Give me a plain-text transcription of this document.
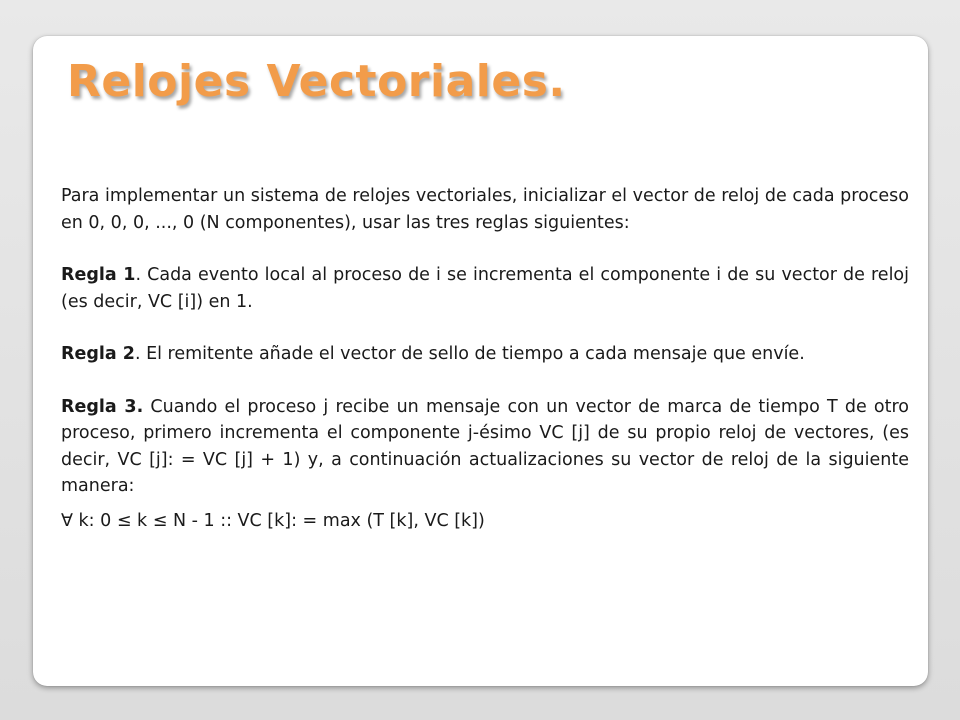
Relojes Vectoriales.

Para implementar un sistema de relojes vectoriales, inicializar el vector de reloj de cada proceso en 0, 0, 0, ..., 0 (N componentes), usar las tres reglas siguientes:

Regla 1. Cada evento local al proceso de i se incrementa el componente i de su vector de reloj (es decir, VC [i]) en 1.

Regla 2. El remitente añade el vector de sello de tiempo a cada mensaje que envíe.

Regla 3. Cuando el proceso j recibe un mensaje con un vector de marca de tiempo T de otro proceso, primero incrementa el componente j-ésimo VC [j] de su propio reloj de vectores, (es decir, VC [j]: = VC [j] + 1) y, a continuación actualizaciones su vector de reloj de la siguiente manera:

∀ k: 0 ≤ k ≤ N - 1 :: VC [k]: = max (T [k], VC [k])
